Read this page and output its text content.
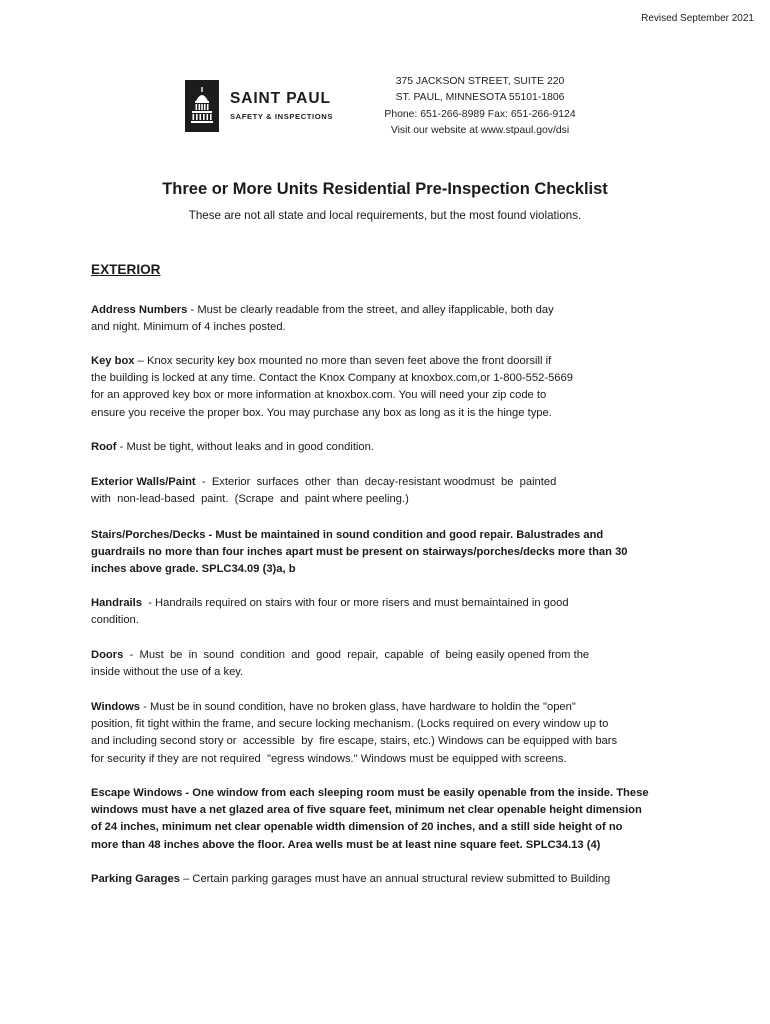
Revised September 2021
SAINT PAUL
SAFETY & INSPECTIONS
375 JACKSON STREET, SUITE 220
ST. PAUL, MINNESOTA 55101-1806
Phone: 651-266-8989 Fax: 651-266-9124
Visit our website at www.stpaul.gov/dsi
Three or More Units Residential Pre-Inspection Checklist
These are not all state and local requirements, but the most found violations.
EXTERIOR
Address Numbers - Must be clearly readable from the street, and alley ifapplicable, both day
and night. Minimum of 4 inches posted.
Key box – Knox security key box mounted no more than seven feet above the front doorsill if
the building is locked at any time. Contact the Knox Company at knoxbox.com,or 1-800-552-5669
for an approved key box or more information at knoxbox.com. You will need your zip code to
ensure you receive the proper box. You may purchase any box as long as it is the hinge type.
Roof - Must be tight, without leaks and in good condition.
Exterior Walls/Paint  -  Exterior  surfaces  other  than  decay-resistant woodmust  be  painted
with  non-lead-based  paint.  (Scrape  and  paint where peeling.)
Stairs/Porches/Decks - Must be maintained in sound condition and good repair. Balustrades and
guardrails no more than four inches apart must be present on stairways/porches/decks more than 30
inches above grade. SPLC34.09 (3)a, b
Handrails  - Handrails required on stairs with four or more risers and must bemaintained in good
condition.
Doors  -  Must  be  in  sound  condition  and  good  repair,  capable  of  being easily opened from the
inside without the use of a key.
Windows - Must be in sound condition, have no broken glass, have hardware to holdin the "open"
position, fit tight within the frame, and secure locking mechanism. (Locks required on every window up to
and including second story or  accessible  by  fire escape, stairs, etc.) Windows can be equipped with bars
for security if they are not required  "egress windows." Windows must be equipped with screens.
Escape Windows - One window from each sleeping room must be easily openable from the inside. These
windows must have a net glazed area of five square feet, minimum net clear openable height dimension
of 24 inches, minimum net clear openable width dimension of 20 inches, and a still side height of no
more than 48 inches above the floor. Area wells must be at least nine square feet. SPLC34.13 (4)
Parking Garages – Certain parking garages must have an annual structural review submitted to Building
